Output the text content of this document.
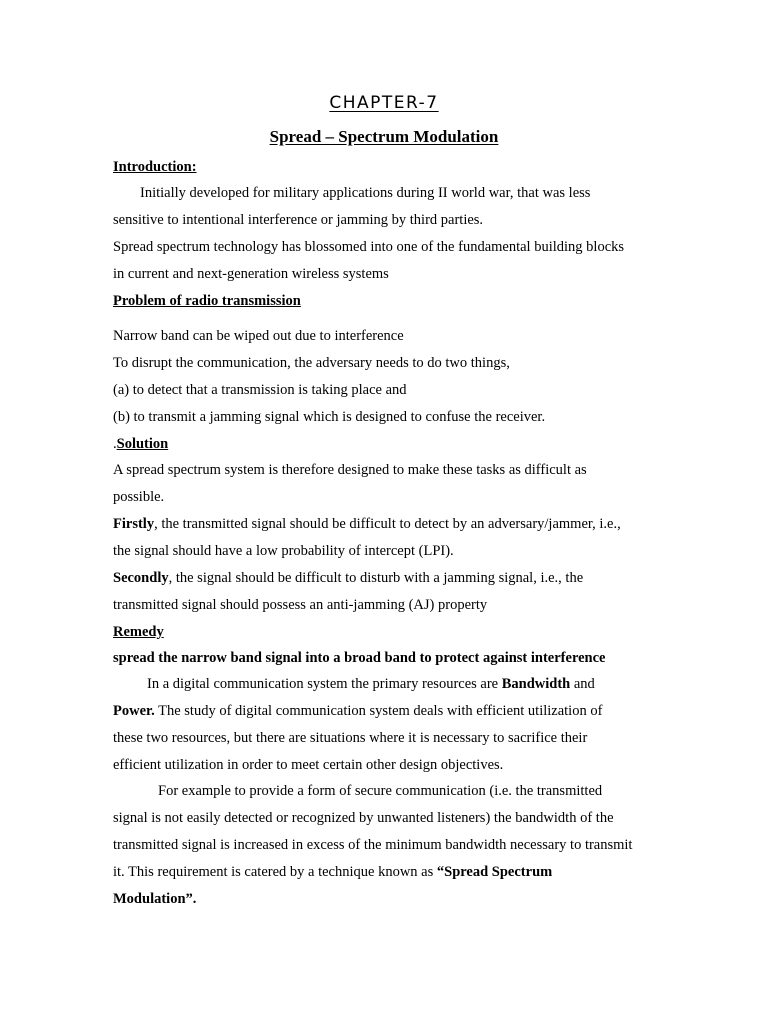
CHAPTER-7
Spread – Spectrum Modulation
Introduction:
Initially developed for military applications during II world war, that was less
sensitive to intentional interference or jamming by third parties.
Spread spectrum technology has blossomed into one of the fundamental building blocks
in current and next-generation wireless systems
Problem of radio transmission
Narrow band can be wiped out due to interference
To disrupt the communication, the adversary needs to do two things,
(a) to detect that a transmission is taking place and
(b) to transmit a jamming signal which is designed to confuse the receiver.
.Solution
A spread spectrum system is therefore designed to make these tasks as difficult as
possible.
Firstly, the transmitted signal should be difficult to detect by an adversary/jammer, i.e.,
the signal should have a low probability of intercept (LPI).
Secondly, the signal should be difficult to disturb with a jamming signal, i.e., the
transmitted signal should possess an anti-jamming (AJ) property
Remedy
spread the narrow band signal into a broad band to protect against interference
In a digital communication system the primary resources are Bandwidth and
Power. The study of digital communication system deals with efficient utilization of
these two resources, but there are situations where it is necessary to sacrifice their
efficient utilization in order to meet certain other design objectives.
For example to provide a form of secure communication (i.e. the transmitted
signal is not easily detected or recognized by unwanted listeners) the bandwidth of the
transmitted signal is increased in excess of the minimum bandwidth necessary to transmit
it. This requirement is catered by a technique known as “Spread Spectrum
Modulation”.
